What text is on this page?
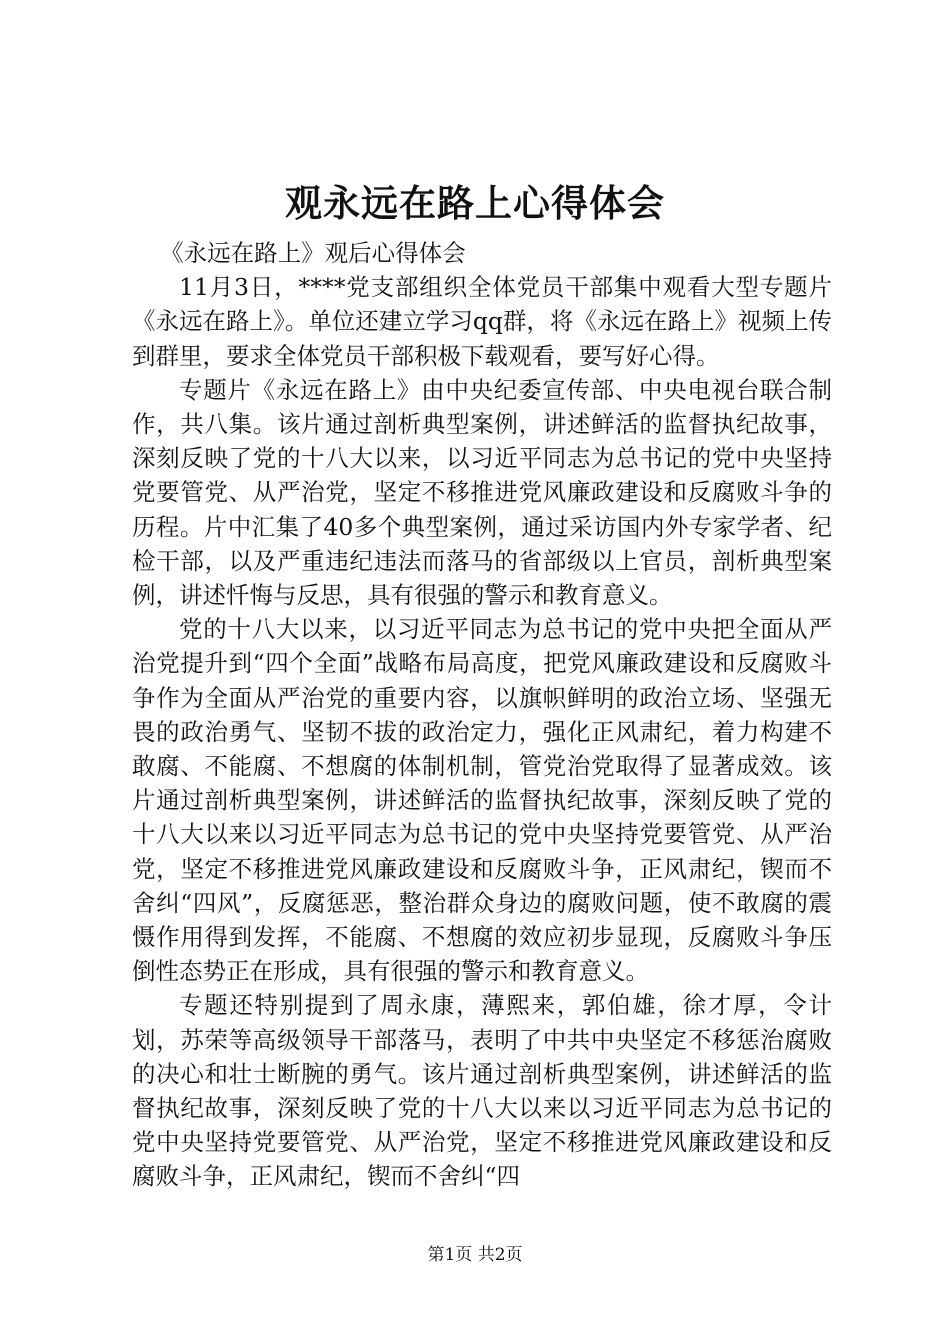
观永远在路上心得体会

《永远在路上》观后心得体会

11月3日，****党支部组织全体党员干部集中观看大型专题片《永远在路上》。单位还建立学习qq群，将《永远在路上》视频上传到群里，要求全体党员干部积极下载观看，要写好心得。

专题片《永远在路上》由中央纪委宣传部、中央电视台联合制作，共八集。该片通过剖析典型案例，讲述鲜活的监督执纪故事，深刻反映了党的十八大以来，以习近平同志为总书记的党中央坚持党要管党、从严治党，坚定不移推进党风廉政建设和反腐败斗争的历程。片中汇集了40多个典型案例，通过采访国内外专家学者、纪检干部，以及严重违纪违法而落马的省部级以上官员，剖析典型案例，讲述忏悔与反思，具有很强的警示和教育意义。

党的十八大以来，以习近平同志为总书记的党中央把全面从严治党提升到“四个全面”战略布局高度，把党风廉政建设和反腐败斗争作为全面从严治党的重要内容，以旗帜鲜明的政治立场、坚强无畏的政治勇气、坚韧不拔的政治定力，强化正风肃纪，着力构建不敢腐、不能腐、不想腐的体制机制，管党治党取得了显著成效。该片通过剖析典型案例，讲述鲜活的监督执纪故事，深刻反映了党的十八大以来以习近平同志为总书记的党中央坚持党要管党、从严治党，坚定不移推进党风廉政建设和反腐败斗争，正风肃纪，锲而不舍纠“四风”，反腐惩恶，整治群众身边的腐败问题，使不敢腐的震慑作用得到发挥，不能腐、不想腐的效应初步显现，反腐败斗争压倒性态势正在形成，具有很强的警示和教育意义。

专题还特别提到了周永康，薄熙来，郭伯雄，徐才厚，令计划，苏荣等高级领导干部落马，表明了中共中央坚定不移惩治腐败的决心和壮士断腕的勇气。该片通过剖析典型案例，讲述鲜活的监督执纪故事，深刻反映了党的十八大以来以习近平同志为总书记的党中央坚持党要管党、从严治党，坚定不移推进党风廉政建设和反腐败斗争，正风肃纪，锲而不舍纠“四

第1页 共2页
